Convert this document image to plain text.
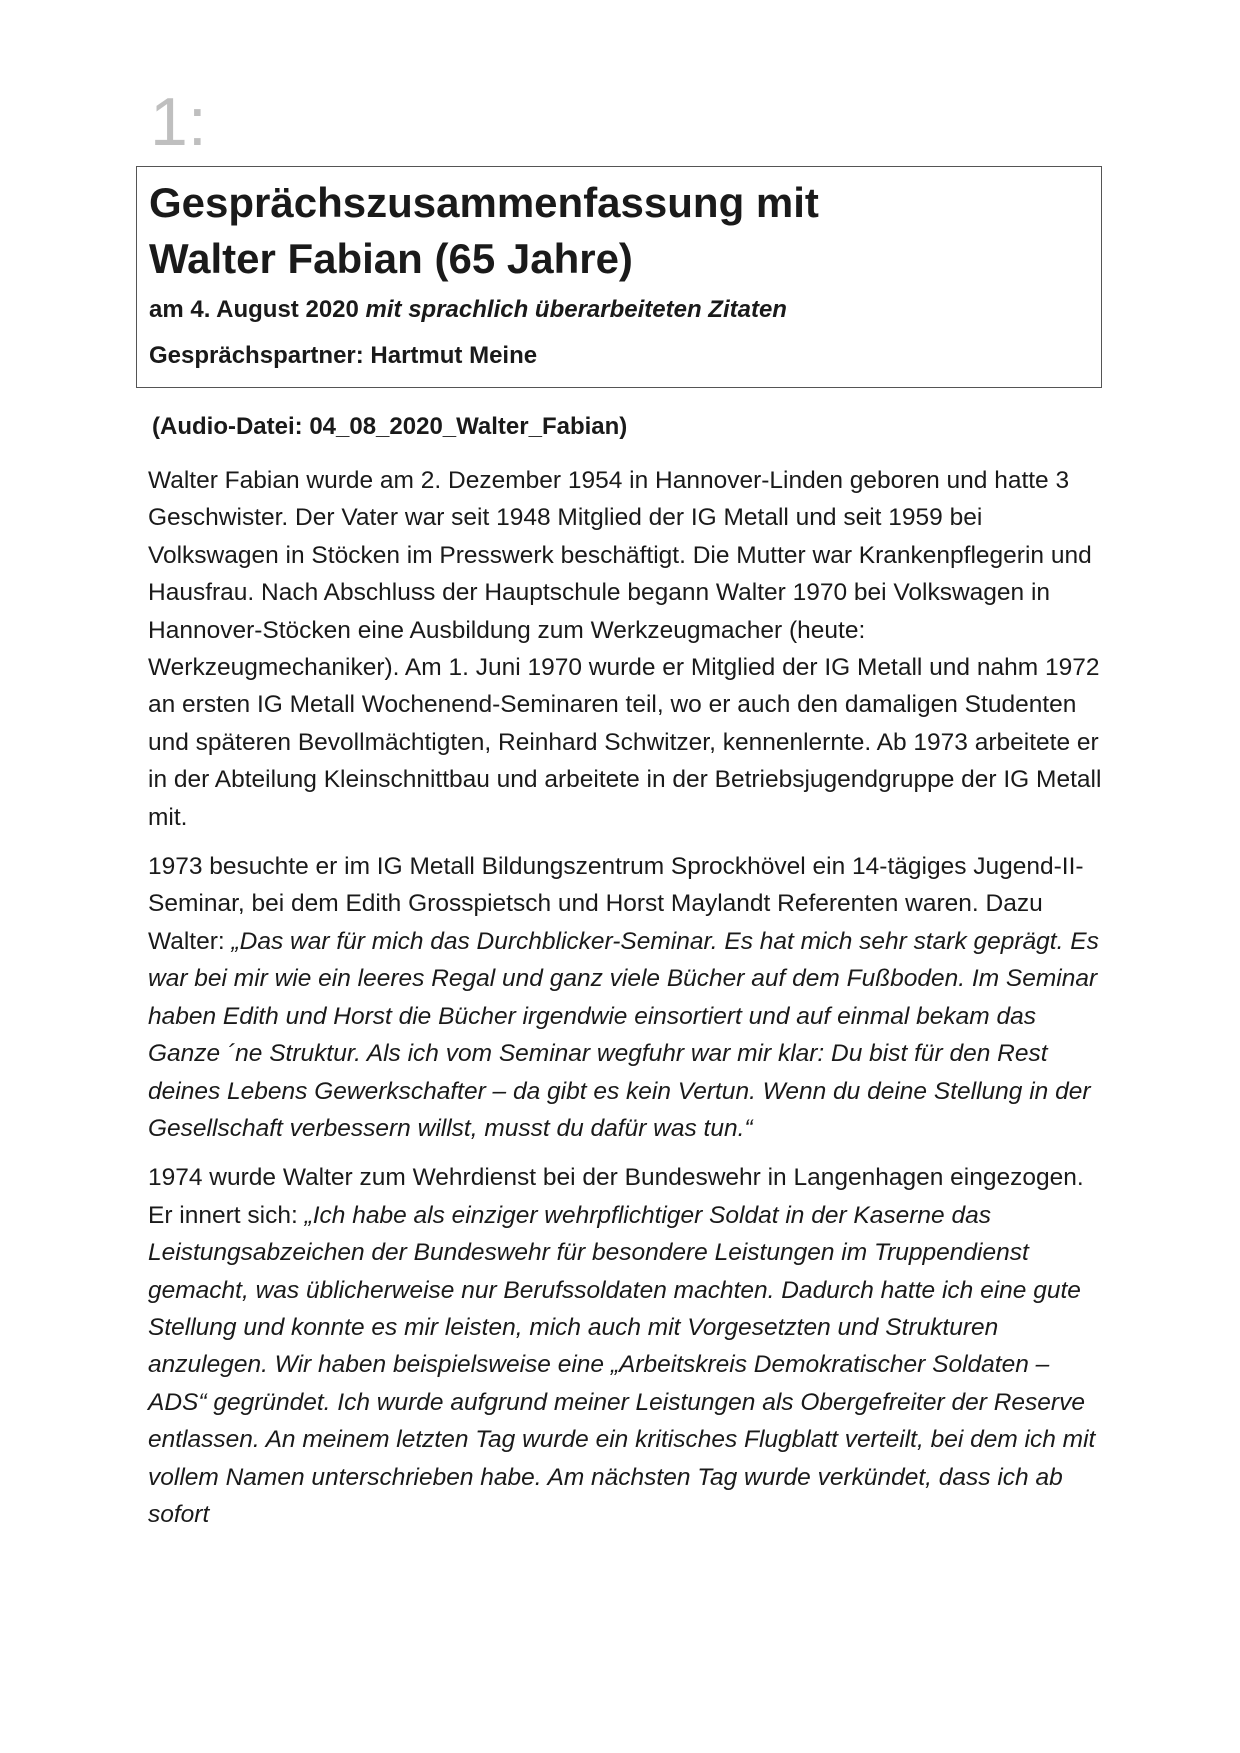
1:
Gesprächszusammenfassung mit
Walter Fabian (65 Jahre)
am 4. August 2020 mit sprachlich überarbeiteten Zitaten
Gesprächspartner: Hartmut Meine
(Audio-Datei: 04_08_2020_Walter_Fabian)

Walter Fabian wurde am 2. Dezember 1954 in Hannover-Linden geboren und hatte 3 Geschwister. Der Vater war seit 1948 Mitglied der IG Metall und seit 1959 bei Volkswagen in Stöcken im Presswerk beschäftigt. Die Mutter war Krankenpflegerin und Hausfrau. Nach Abschluss der Hauptschule begann Walter 1970 bei Volkswagen in Hannover-Stöcken eine Ausbildung zum Werkzeugmacher (heute: Werkzeugmechaniker). Am 1. Juni 1970 wurde er Mitglied der IG Metall und nahm 1972 an ersten IG Metall Wochenend-Seminaren teil, wo er auch den damaligen Studenten und späteren Bevollmächtigten, Reinhard Schwitzer, kennenlernte. Ab 1973 arbeitete er in der Abteilung Kleinschnittbau und arbeitete in der Betriebsjugendgruppe der IG Metall mit.

1973 besuchte er im IG Metall Bildungszentrum Sprockhövel ein 14-tägiges Jugend-II-Seminar, bei dem Edith Grosspietsch und Horst Maylandt Referenten waren. Dazu Walter: „Das war für mich das Durchblicker-Seminar. Es hat mich sehr stark geprägt. Es war bei mir wie ein leeres Regal und ganz viele Bücher auf dem Fußboden. Im Seminar haben Edith und Horst die Bücher irgendwie einsortiert und auf einmal bekam das Ganze ´ne Struktur. Als ich vom Seminar wegfuhr war mir klar: Du bist für den Rest deines Lebens Gewerkschafter – da gibt es kein Vertun. Wenn du deine Stellung in der Gesellschaft verbessern willst, musst du dafür was tun.“

1974 wurde Walter zum Wehrdienst bei der Bundeswehr in Langenhagen eingezogen. Er innert sich: „Ich habe als einziger wehrpflichtiger Soldat in der Kaserne das Leistungsabzeichen der Bundeswehr für besondere Leistungen im Truppendienst gemacht, was üblicherweise nur Berufssoldaten machten. Dadurch hatte ich eine gute Stellung und konnte es mir leisten, mich auch mit Vorgesetzten und Strukturen anzulegen. Wir haben beispielsweise eine „Arbeitskreis Demokratischer Soldaten – ADS“ gegründet. Ich wurde aufgrund meiner Leistungen als Obergefreiter der Reserve entlassen. An meinem letzten Tag wurde ein kritisches Flugblatt verteilt, bei dem ich mit vollem Namen unterschrieben habe. Am nächsten Tag wurde verkündet, dass ich ab sofort
